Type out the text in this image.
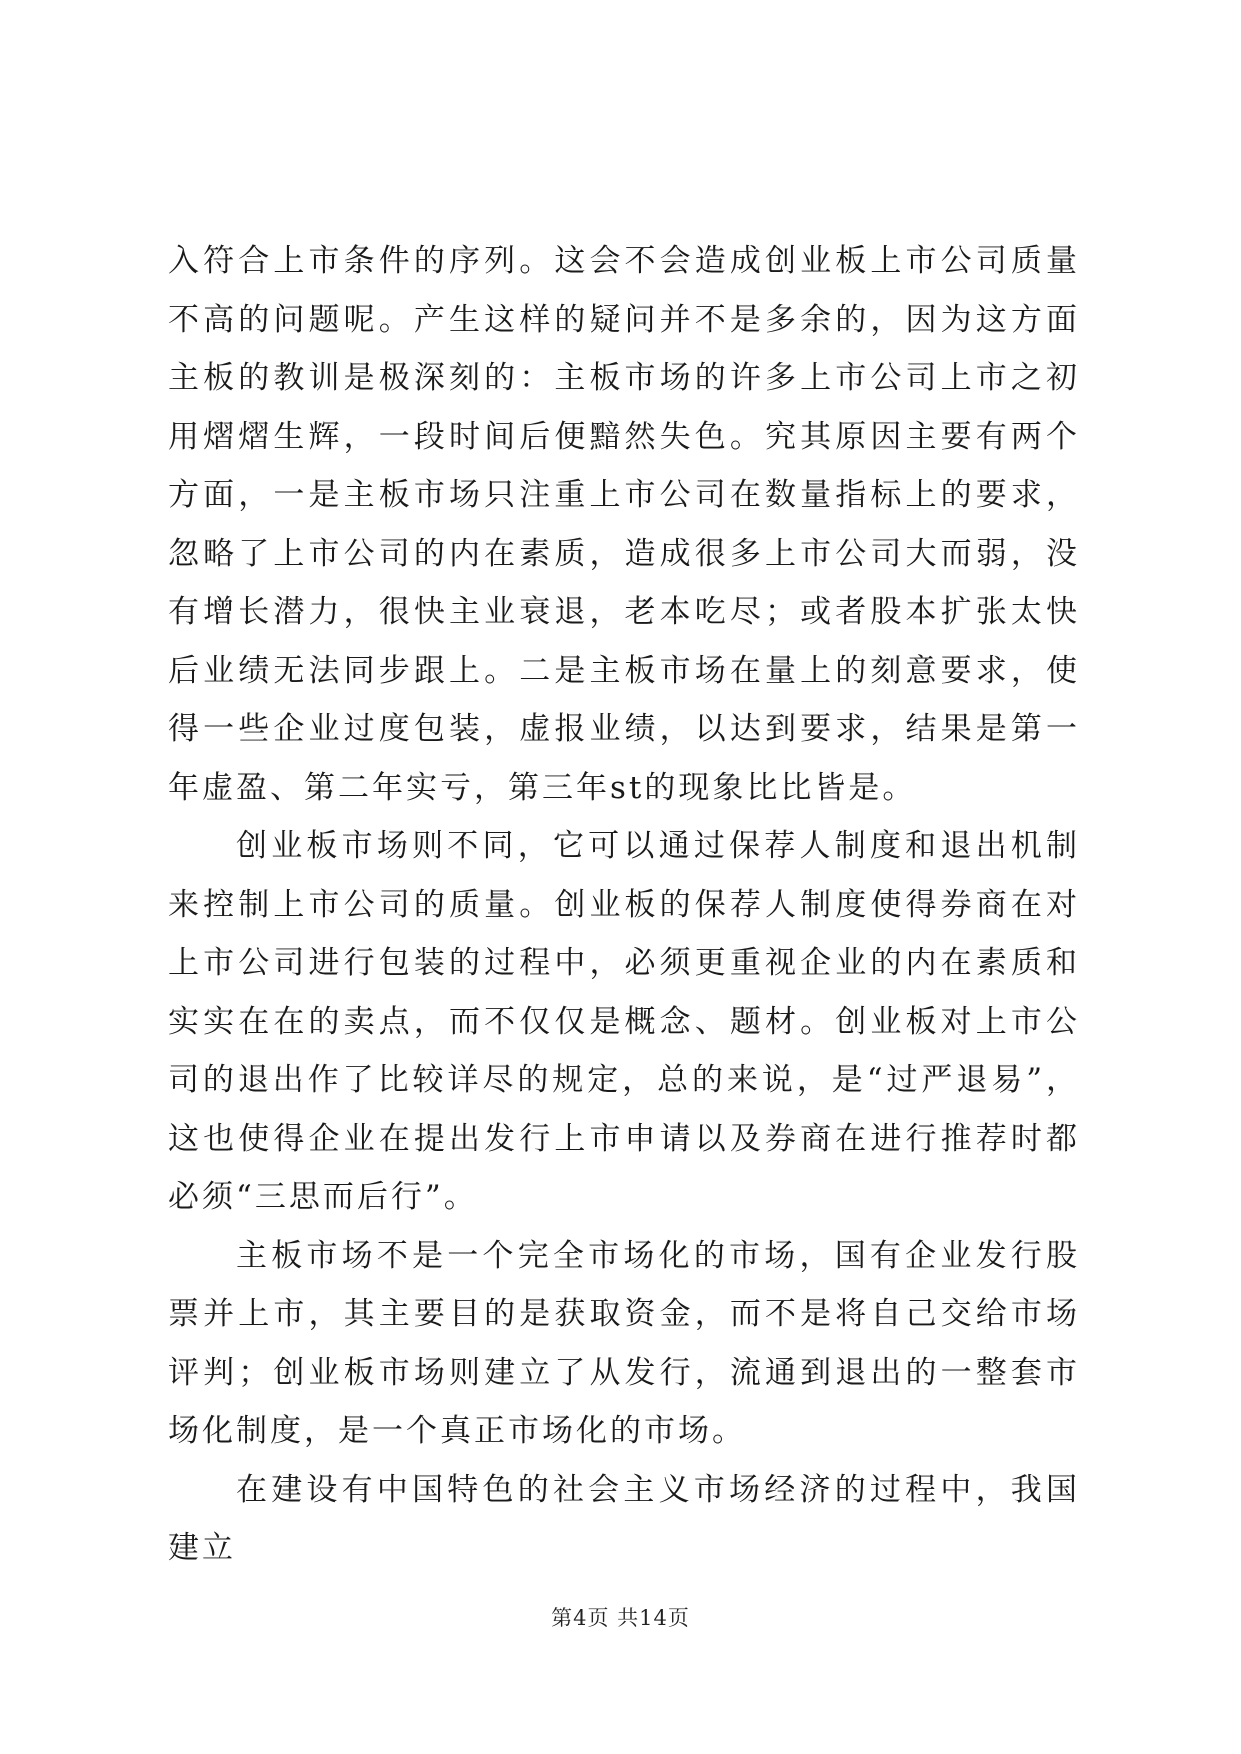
入符合上市条件的序列。这会不会造成创业板上市公司质量不高的问题呢。产生这样的疑问并不是多余的，因为这方面主板的教训是极深刻的：主板市场的许多上市公司上市之初用熠熠生辉，一段时间后便黯然失色。究其原因主要有两个方面，一是主板市场只注重上市公司在数量指标上的要求，忽略了上市公司的内在素质，造成很多上市公司大而弱，没有增长潜力，很快主业衰退，老本吃尽；或者股本扩张太快后业绩无法同步跟上。二是主板市场在量上的刻意要求，使得一些企业过度包装，虚报业绩，以达到要求，结果是第一年虚盈、第二年实亏，第三年st的现象比比皆是。

创业板市场则不同，它可以通过保荐人制度和退出机制来控制上市公司的质量。创业板的保荐人制度使得券商在对上市公司进行包装的过程中，必须更重视企业的内在素质和实实在在的卖点，而不仅仅是概念、题材。创业板对上市公司的退出作了比较详尽的规定，总的来说，是“过严退易”，这也使得企业在提出发行上市申请以及券商在进行推荐时都必须“三思而后行”。

主板市场不是一个完全市场化的市场，国有企业发行股票并上市，其主要目的是获取资金，而不是将自己交给市场评判；创业板市场则建立了从发行，流通到退出的一整套市场化制度，是一个真正市场化的市场。

在建设有中国特色的社会主义市场经济的过程中，我国建立

第4页 共14页
